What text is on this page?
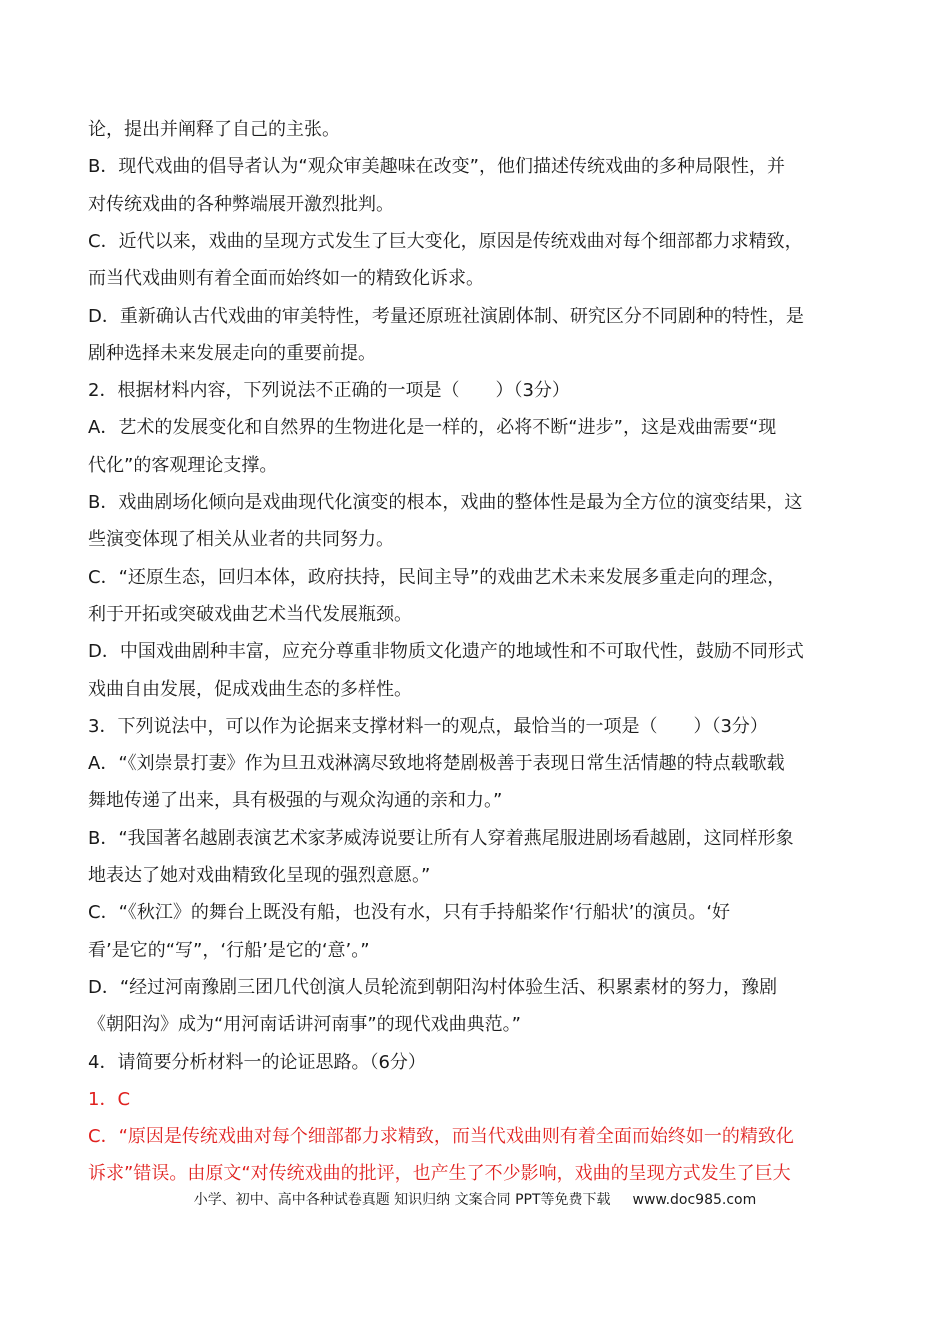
论，提出并阐释了自己的主张。
B．现代戏曲的倡导者认为“观众审美趣味在改变”，他们描述传统戏曲的多种局限性，并
对传统戏曲的各种弊端展开激烈批判。
C．近代以来，戏曲的呈现方式发生了巨大变化，原因是传统戏曲对每个细部都力求精致，
而当代戏曲则有着全面而始终如一的精致化诉求。
D．重新确认古代戏曲的审美特性，考量还原班社演剧体制、研究区分不同剧种的特性，是
剧种选择未来发展走向的重要前提。
2．根据材料内容，下列说法不正确的一项是（　　）（3分）
A．艺术的发展变化和自然界的生物进化是一样的，必将不断“进步”，这是戏曲需要“现
代化”的客观理论支撑。
B．戏曲剧场化倾向是戏曲现代化演变的根本，戏曲的整体性是最为全方位的演变结果，这
些演变体现了相关从业者的共同努力。
C．“还原生态，回归本体，政府扶持，民间主导”的戏曲艺术未来发展多重走向的理念，
利于开拓或突破戏曲艺术当代发展瓶颈。
D．中国戏曲剧种丰富，应充分尊重非物质文化遗产的地域性和不可取代性，鼓励不同形式
戏曲自由发展，促成戏曲生态的多样性。
3．下列说法中，可以作为论据来支撑材料一的观点，最恰当的一项是（　　）（3分）
A．“《刘崇景打妻》作为旦丑戏淋漓尽致地将楚剧极善于表现日常生活情趣的特点载歌载
舞地传递了出来，具有极强的与观众沟通的亲和力。”
B．“我国著名越剧表演艺术家茅威涛说要让所有人穿着燕尾服进剧场看越剧，这同样形象
地表达了她对戏曲精致化呈现的强烈意愿。”
C．“《秋江》的舞台上既没有船，也没有水，只有手持船桨作‘行船状’的演员。‘好
看’是它的“写”，‘行船’是它的‘意’。”
D．“经过河南豫剧三团几代创演人员轮流到朝阳沟村体验生活、积累素材的努力，豫剧
《朝阳沟》成为“用河南话讲河南事”的现代戏曲典范。”
4．请简要分析材料一的论证思路。（6分）
1．C
C．“原因是传统戏曲对每个细部都力求精致，而当代戏曲则有着全面而始终如一的精致化
诉求”错误。由原文“对传统戏曲的批评，也产生了不少影响，戏曲的呈现方式发生了巨大
小学、初中、高中各种试卷真题 知识归纳 文案合同 PPT等免费下载 www.doc985.com
